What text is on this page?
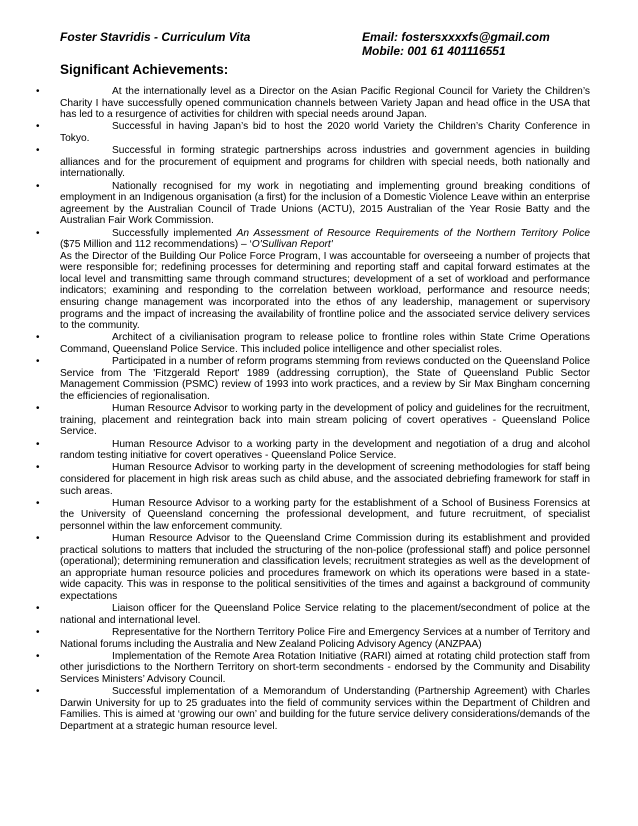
Foster Stavridis - Curriculum Vita	Email: fostersxxxxfs@gmail.com
Mobile: 001 61 401116551
Significant Achievements:
•	At the internationally level as a Director on the Asian Pacific Regional Council for Variety the Children’s Charity I have successfully opened communication channels between Variety Japan and head office in the USA that has led to a resurgence of activities for children with special needs around Japan.
•	Successful in having Japan’s bid to host the 2020 world Variety the Children’s Charity Conference in Tokyo.
•	Successful in forming strategic partnerships across industries and government agencies in building alliances and for the procurement of equipment and programs for children with special needs, both nationally and internationally.
•	Nationally recognised for my work in negotiating and implementing ground breaking conditions of employment in an Indigenous organisation (a first) for the inclusion of a Domestic Violence Leave within an enterprise agreement by the Australian Council of Trade Unions (ACTU), 2015 Australian of the Year Rosie Batty and the Australian Fair Work Commission.
•	Successfully implemented An Assessment of Resource Requirements of the Northern Territory Police ($75 Million and 112 recommendations) – ‘O'Sullivan Report'
As the Director of the Building Our Police Force Program, I was accountable for overseeing a number of projects that were responsible for; redefining processes for determining and reporting staff and capital forward estimates at the local level and transmitting same through command structures; development of a set of workload and performance indicators; examining and responding to the correlation between workload, performance and resource needs; ensuring change management was incorporated into the ethos of any leadership, management or supervisory programs and the impact of increasing the availability of frontline police and the associated service delivery services to the community.
•	Architect of a civilianisation program to release police to frontline roles within State Crime Operations Command, Queensland Police Service. This included police intelligence and other specialist roles.
•	Participated in a number of reform programs stemming from reviews conducted on the Queensland Police Service from The 'Fitzgerald Report' 1989 (addressing corruption), the State of Queensland Public Sector Management Commission (PSMC) review of 1993 into work practices, and a review by Sir Max Bingham concerning the efficiencies of regionalisation.
•	Human Resource Advisor to working party in the development of policy and guidelines for the recruitment, training, placement and reintegration back into main stream policing of covert operatives - Queensland Police Service.
•	Human Resource Advisor to a working party in the development and negotiation of a drug and alcohol random testing initiative for covert operatives - Queensland Police Service.
•	Human Resource Advisor to working party in the development of screening methodologies for staff being considered for placement in high risk areas such as child abuse, and the associated debriefing framework for staff in such areas.
•	Human Resource Advisor to a working party for the establishment of a School of Business Forensics at the University of Queensland concerning the professional development, and future recruitment, of specialist personnel within the law enforcement community.
•	Human Resource Advisor to the Queensland Crime Commission during its establishment and provided practical solutions to matters that included the structuring of the non-police (professional staff) and police personnel (operational); determining remuneration and classification levels; recruitment strategies as well as the development of an appropriate human resource policies and procedures framework on which its operations were based in a state-wide capacity. This was in response to the political sensitivities of the times and against a background of community expectations
•	Liaison officer for the Queensland Police Service relating to the placement/secondment of police at the national and international level.
•	Representative for the Northern Territory Police Fire and Emergency Services at a number of Territory and National forums including the Australia and New Zealand Policing Advisory Agency (ANZPAA)
•	Implementation of the Remote Area Rotation Initiative (RARI) aimed at rotating child protection staff from other jurisdictions to the Northern Territory on short-term secondments - endorsed by the Community and Disability Services Ministers’ Advisory Council.
•	Successful implementation of a Memorandum of Understanding (Partnership Agreement) with Charles Darwin University for up to 25 graduates into the field of community services within the Department of Children and Families. This is aimed at ‘growing our own’ and building for the future service delivery considerations/demands of the Department at a strategic human resource level.
